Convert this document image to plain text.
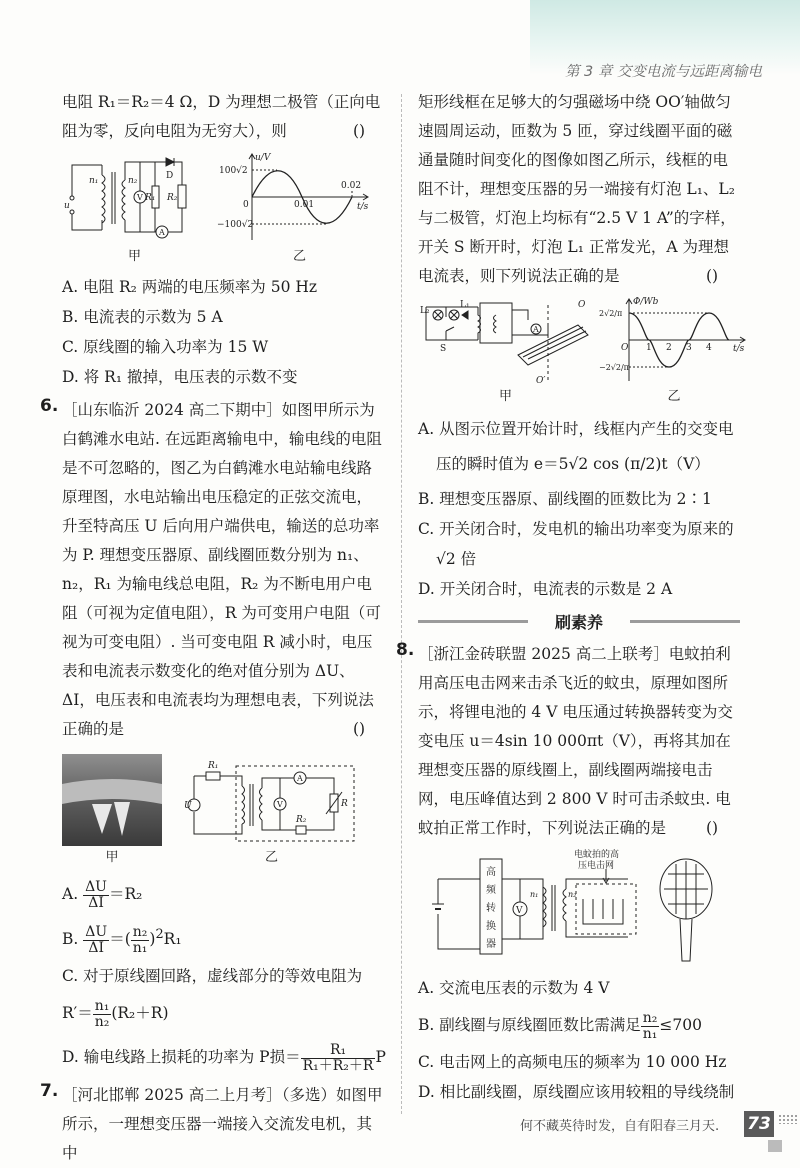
第 3 章 交变电流与远距离输电

电阻 R₁＝R₂＝4 Ω，D 为理想二极管（正向电阻为零，反向电阻为无穷大），则
( )

u
n₁	n₂
V R₁
D
R₂
A
甲
u/V
100√2
−100√2
0	0.01
0.02
t/s
乙
A. 电阻 R₂ 两端的电压频率为 50 Hz
B. 电流表的示数为 5 A
C. 原线圈的输入功率为 15 W
D. 将 R₁ 撤掉，电压表的示数不变
6. ［山东临沂 2024 高二下期中］如图甲所示为白鹤滩水电站. 在远距离输电中，输电线的电阻是不可忽略的，图乙为白鹤滩水电站输电线路原理图，水电站输出电压稳定的正弦交流电，升至特高压 U 后向用户端供电，输送的总功率为 P. 理想变压器原、副线圈匝数分别为 n₁、n₂，R₁ 为输电线总电阻，R₂ 为不断电用户电阻（可视为定值电阻），R 为可变用户电阻（可视为可变电阻）. 当可变电阻 R 减小时，电压表和电流表示数变化的绝对值分别为 ΔU、ΔI，电压表和电流表均为理想电表，下列说法正确的是
( )

甲
R₁
U
A
V	R
R₂
乙
A. $\frac{\Delta U}{\Delta I} =R_2$
B. $\frac{\Delta U}{\Delta I}$ ＝( $\frac{\text{n₂}}{\text{n₁}} )^2R_1$
C. 对于原线圈回路，虚线部分的等效电阻为
$R'= \frac{\text{n₁}}{\text{n₂}} (R_2+R)$
D. 输电线路上损耗的功率为 P损＝ $\frac{\text{R₁}}{\text{R₁＋R₂＋R}}$ P
7. ［河北邯郸 2025 高二上月考］（多选）如图甲所示，一理想变压器一端接入交流发电机，其中

矩形线框在足够大的匀强磁场中绕 OO′轴做匀速圆周运动，匝数为 5 匝，穿过线圈平面的磁通量随时间变化的图像如图乙所示，线框的电阻不计，理想变压器的另一端接有灯泡 L₁、L₂ 与二极管，灯泡上均标有“2.5 V 1 A”的字样，开关 S 断开时，灯泡 L₁ 正常发光，A 为理想电流表，则下列说法正确的是
( )

L₂
L₁
S
O
O′
A
甲
Φ/Wb
2√2/π
−2√2/π
O 1 2 3 4 t/s
乙
A. 从图示位置开始计时，线框内产生的交变电
压的瞬时值为 e＝5√2 cos (π/2)t（V）
B. 理想变压器原、副线圈的匝数比为 2∶1
C. 开关闭合时，发电机的输出功率变为原来的
√2 倍
D. 开关闭合时，电流表的示数是 2 A
刷素养
8. ［浙江金砖联盟 2025 高二上联考］电蚊拍利用高压电击网来击杀飞近的蚊虫，原理如图所示，将锂电池的 4 V 电压通过转换器转变为交变电压 u＝4sin 10 000πt（V），再将其加在理想变压器的原线圈上，副线圈两端接电击网，电压峰值达到 2 800 V 时可击杀蚊虫. 电蚊拍正常工作时，下列说法正确的是
( )

电蚊拍的高
压电击网
高
频
转
换
器
V
n₁	n₂
A. 交流电压表的示数为 4 V
B. 副线圈与原线圈匝数比需满足 $\frac{\text{n₂}}{\text{n₁}} \le 700$
C. 电击网上的高频电压的频率为 10 000 Hz
D. 相比副线圈，原线圈应该用较粗的导线绕制
何不藏英待时发，自有阳春三月天. 73
